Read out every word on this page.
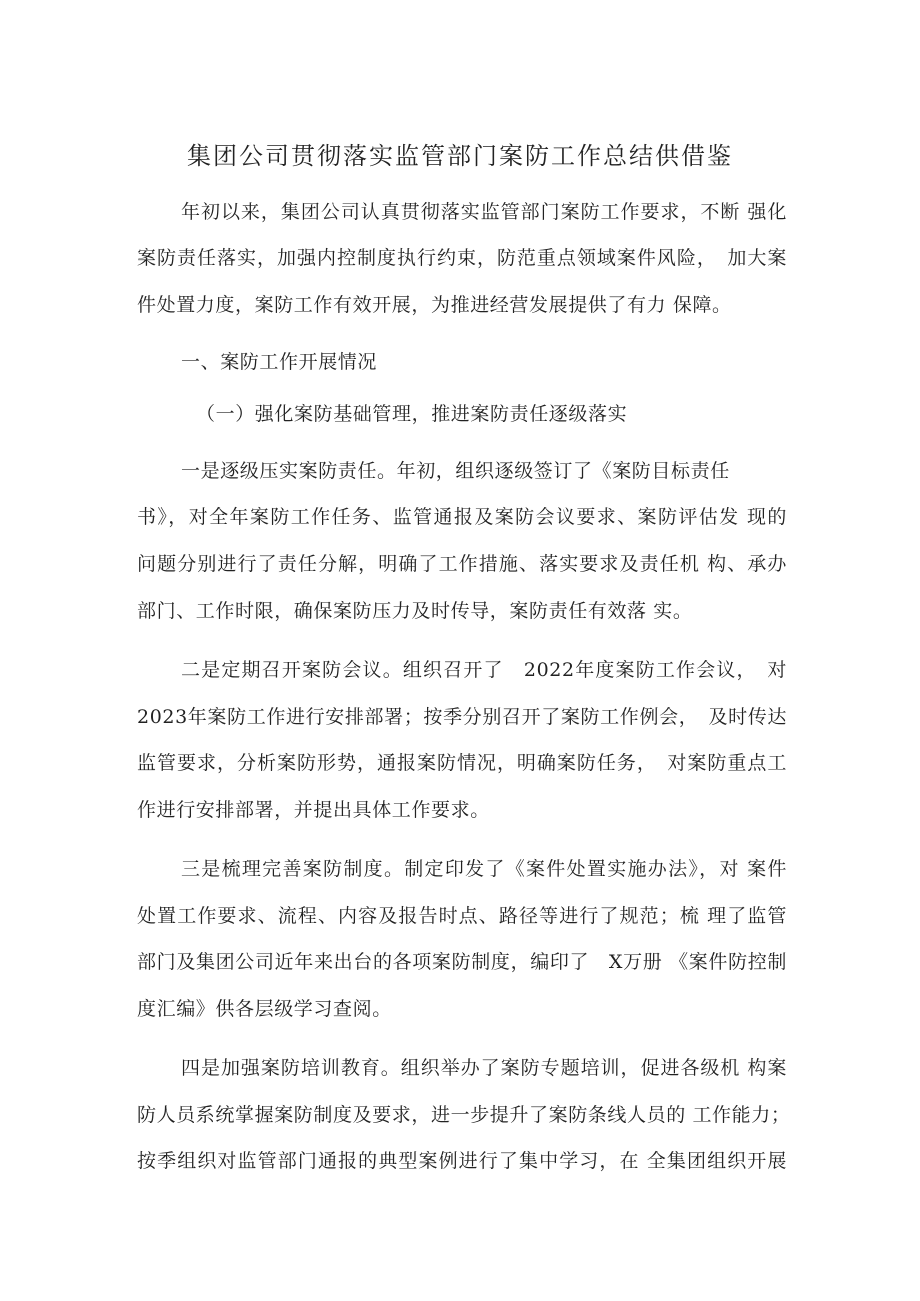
集团公司贯彻落实监管部门案防工作总结供借鉴
年初以来，集团公司认真贯彻落实监管部门案防工作要求，不断 强化
案防责任落实，加强内控制度执行约束，防范重点领域案件风险，　加大案
件处置力度，案防工作有效开展，为推进经营发展提供了有力 保障。
一、案防工作开展情况
（一）强化案防基础管理，推进案防责任逐级落实
一是逐级压实案防责任。年初，组织逐级签订了《案防目标责任
书》，对全年案防工作任务、监管通报及案防会议要求、案防评估发 现的
问题分别进行了责任分解，明确了工作措施、落实要求及责任机 构、承办
部门、工作时限，确保案防压力及时传导，案防责任有效落 实。
二是定期召开案防会议。组织召开了　2022年度案防工作会议，　对
2023年案防工作进行安排部署；按季分别召开了案防工作例会，　及时传达
监管要求，分析案防形势，通报案防情况，明确案防任务，　对案防重点工
作进行安排部署，并提出具体工作要求。
三是梳理完善案防制度。制定印发了《案件处置实施办法》，对 案件
处置工作要求、流程、内容及报告时点、路径等进行了规范；梳 理了监管
部门及集团公司近年来出台的各项案防制度，编印了　X万册 《案件防控制
度汇编》供各层级学习查阅。
四是加强案防培训教育。组织举办了案防专题培训，促进各级机 构案
防人员系统掌握案防制度及要求，进一步提升了案防条线人员的 工作能力；
按季组织对监管部门通报的典型案例进行了集中学习，在 全集团组织开展
